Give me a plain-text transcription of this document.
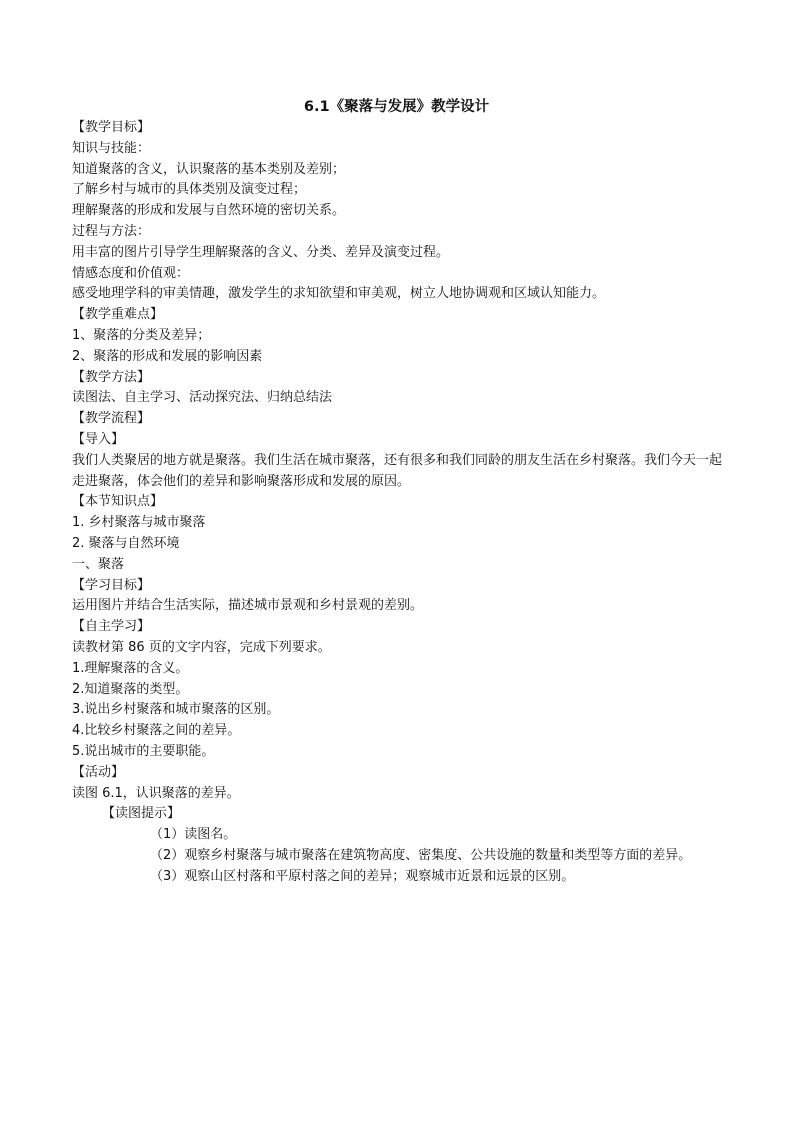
6.1《聚落与发展》教学设计
【教学目标】
知识与技能：
知道聚落的含义，认识聚落的基本类别及差别；
了解乡村与城市的具体类别及演变过程；
理解聚落的形成和发展与自然环境的密切关系。
过程与方法：
用丰富的图片引导学生理解聚落的含义、分类、差异及演变过程。
情感态度和价值观：
感受地理学科的审美情趣，激发学生的求知欲望和审美观，树立人地协调观和区域认知能力。
【教学重难点】
1、聚落的分类及差异；
2、聚落的形成和发展的影响因素
【教学方法】
读图法、自主学习、活动探究法、归纳总结法
【教学流程】
【导入】
我们人类聚居的地方就是聚落。我们生活在城市聚落，还有很多和我们同龄的朋友生活在乡村聚落。我们今天一起走进聚落，体会他们的差异和影响聚落形成和发展的原因。
【本节知识点】
1. 乡村聚落与城市聚落
2. 聚落与自然环境
一、聚落
【学习目标】
运用图片并结合生活实际，描述城市景观和乡村景观的差别。
【自主学习】
读教材第 86 页的文字内容，完成下列要求。
1.理解聚落的含义。
2.知道聚落的类型。
3.说出乡村聚落和城市聚落的区别。
4.比较乡村聚落之间的差异。
5.说出城市的主要职能。
【活动】
读图 6.1，认识聚落的差异。
【读图提示】
（1）读图名。
（2）观察乡村聚落与城市聚落在建筑物高度、密集度、公共设施的数量和类型等方面的差异。
（3）观察山区村落和平原村落之间的差异；观察城市近景和远景的区别。
